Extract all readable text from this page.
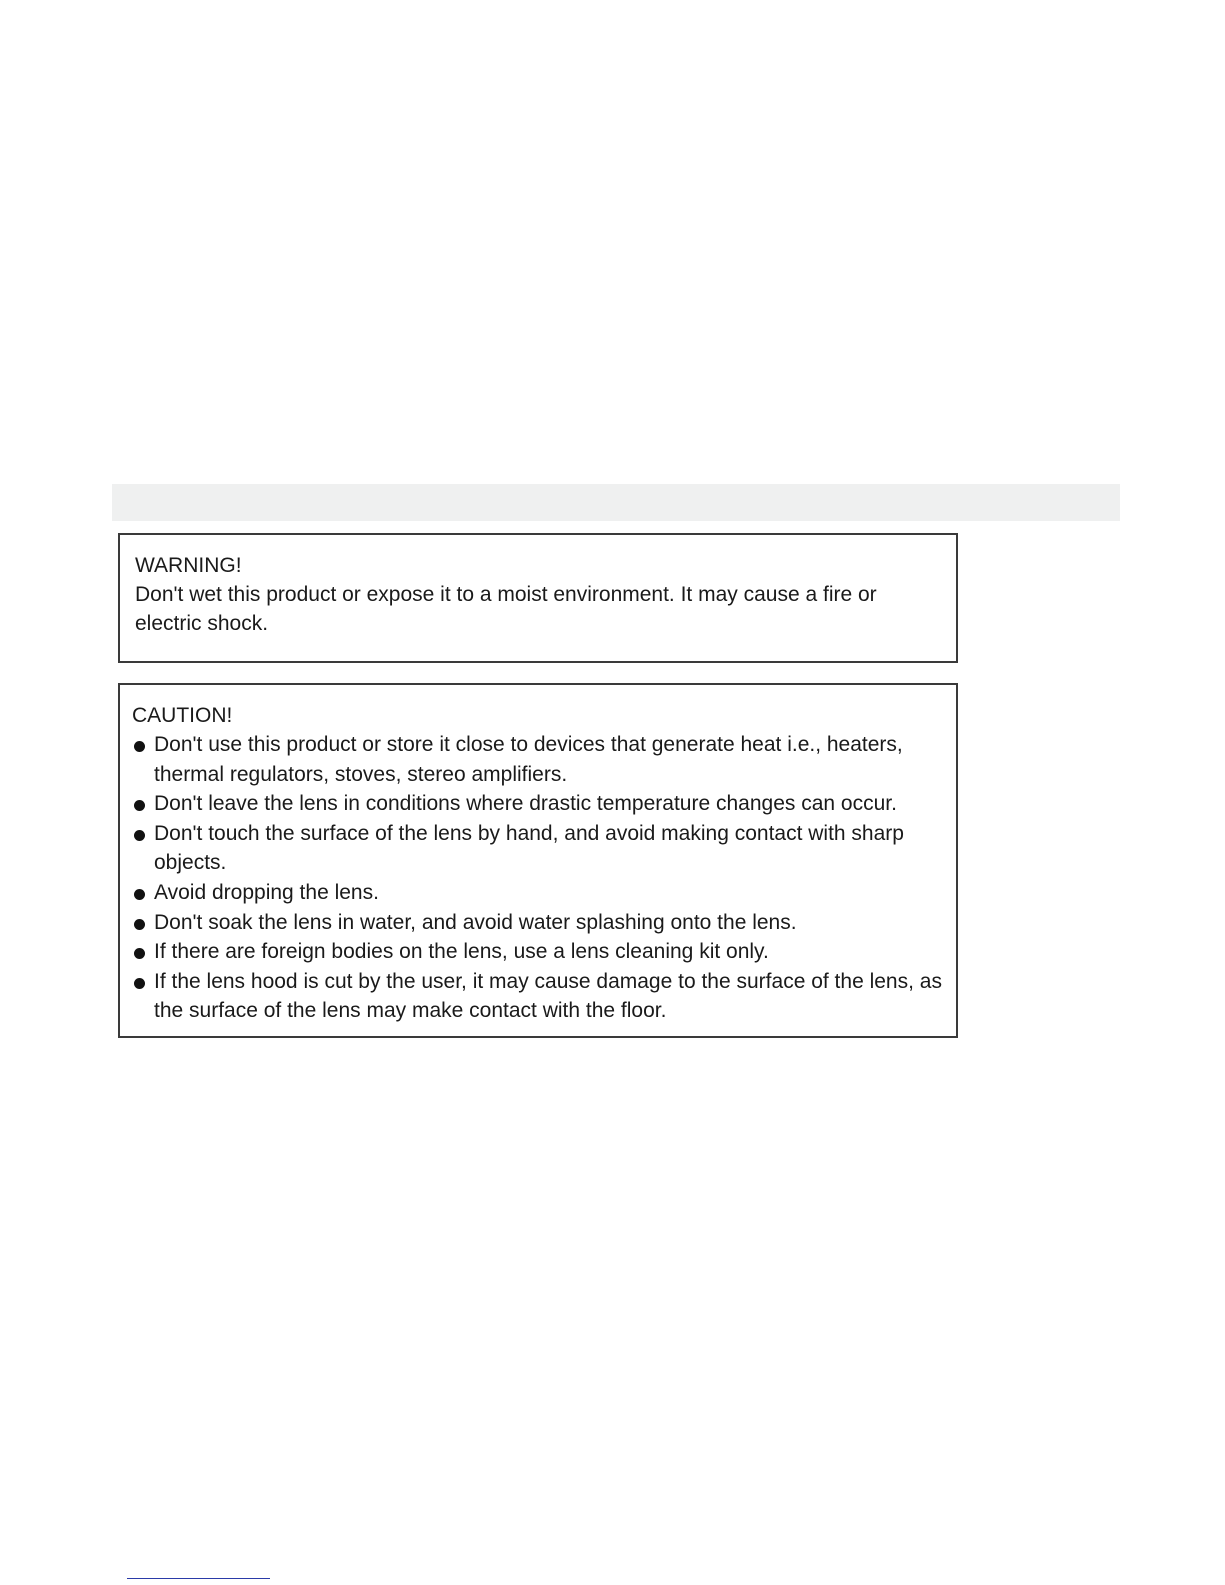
WARNING!

Don't wet this product or expose it to a moist environment. It may cause a fire or electric shock.

CAUTION!

Don't use this product or store it close to devices that generate heat i.e., heaters, thermal regulators, stoves, stereo amplifiers.
Don't leave the lens in conditions where drastic temperature changes can occur.
Don't touch the surface of the lens by hand, and avoid making contact with sharp objects.
Avoid dropping the lens.
Don't soak the lens in water, and avoid water splashing onto the lens.
If there are foreign bodies on the lens, use a lens cleaning kit only.
If the lens hood is cut by the user, it may cause damage to the surface of the lens, as the surface of the lens may make contact with the floor.
